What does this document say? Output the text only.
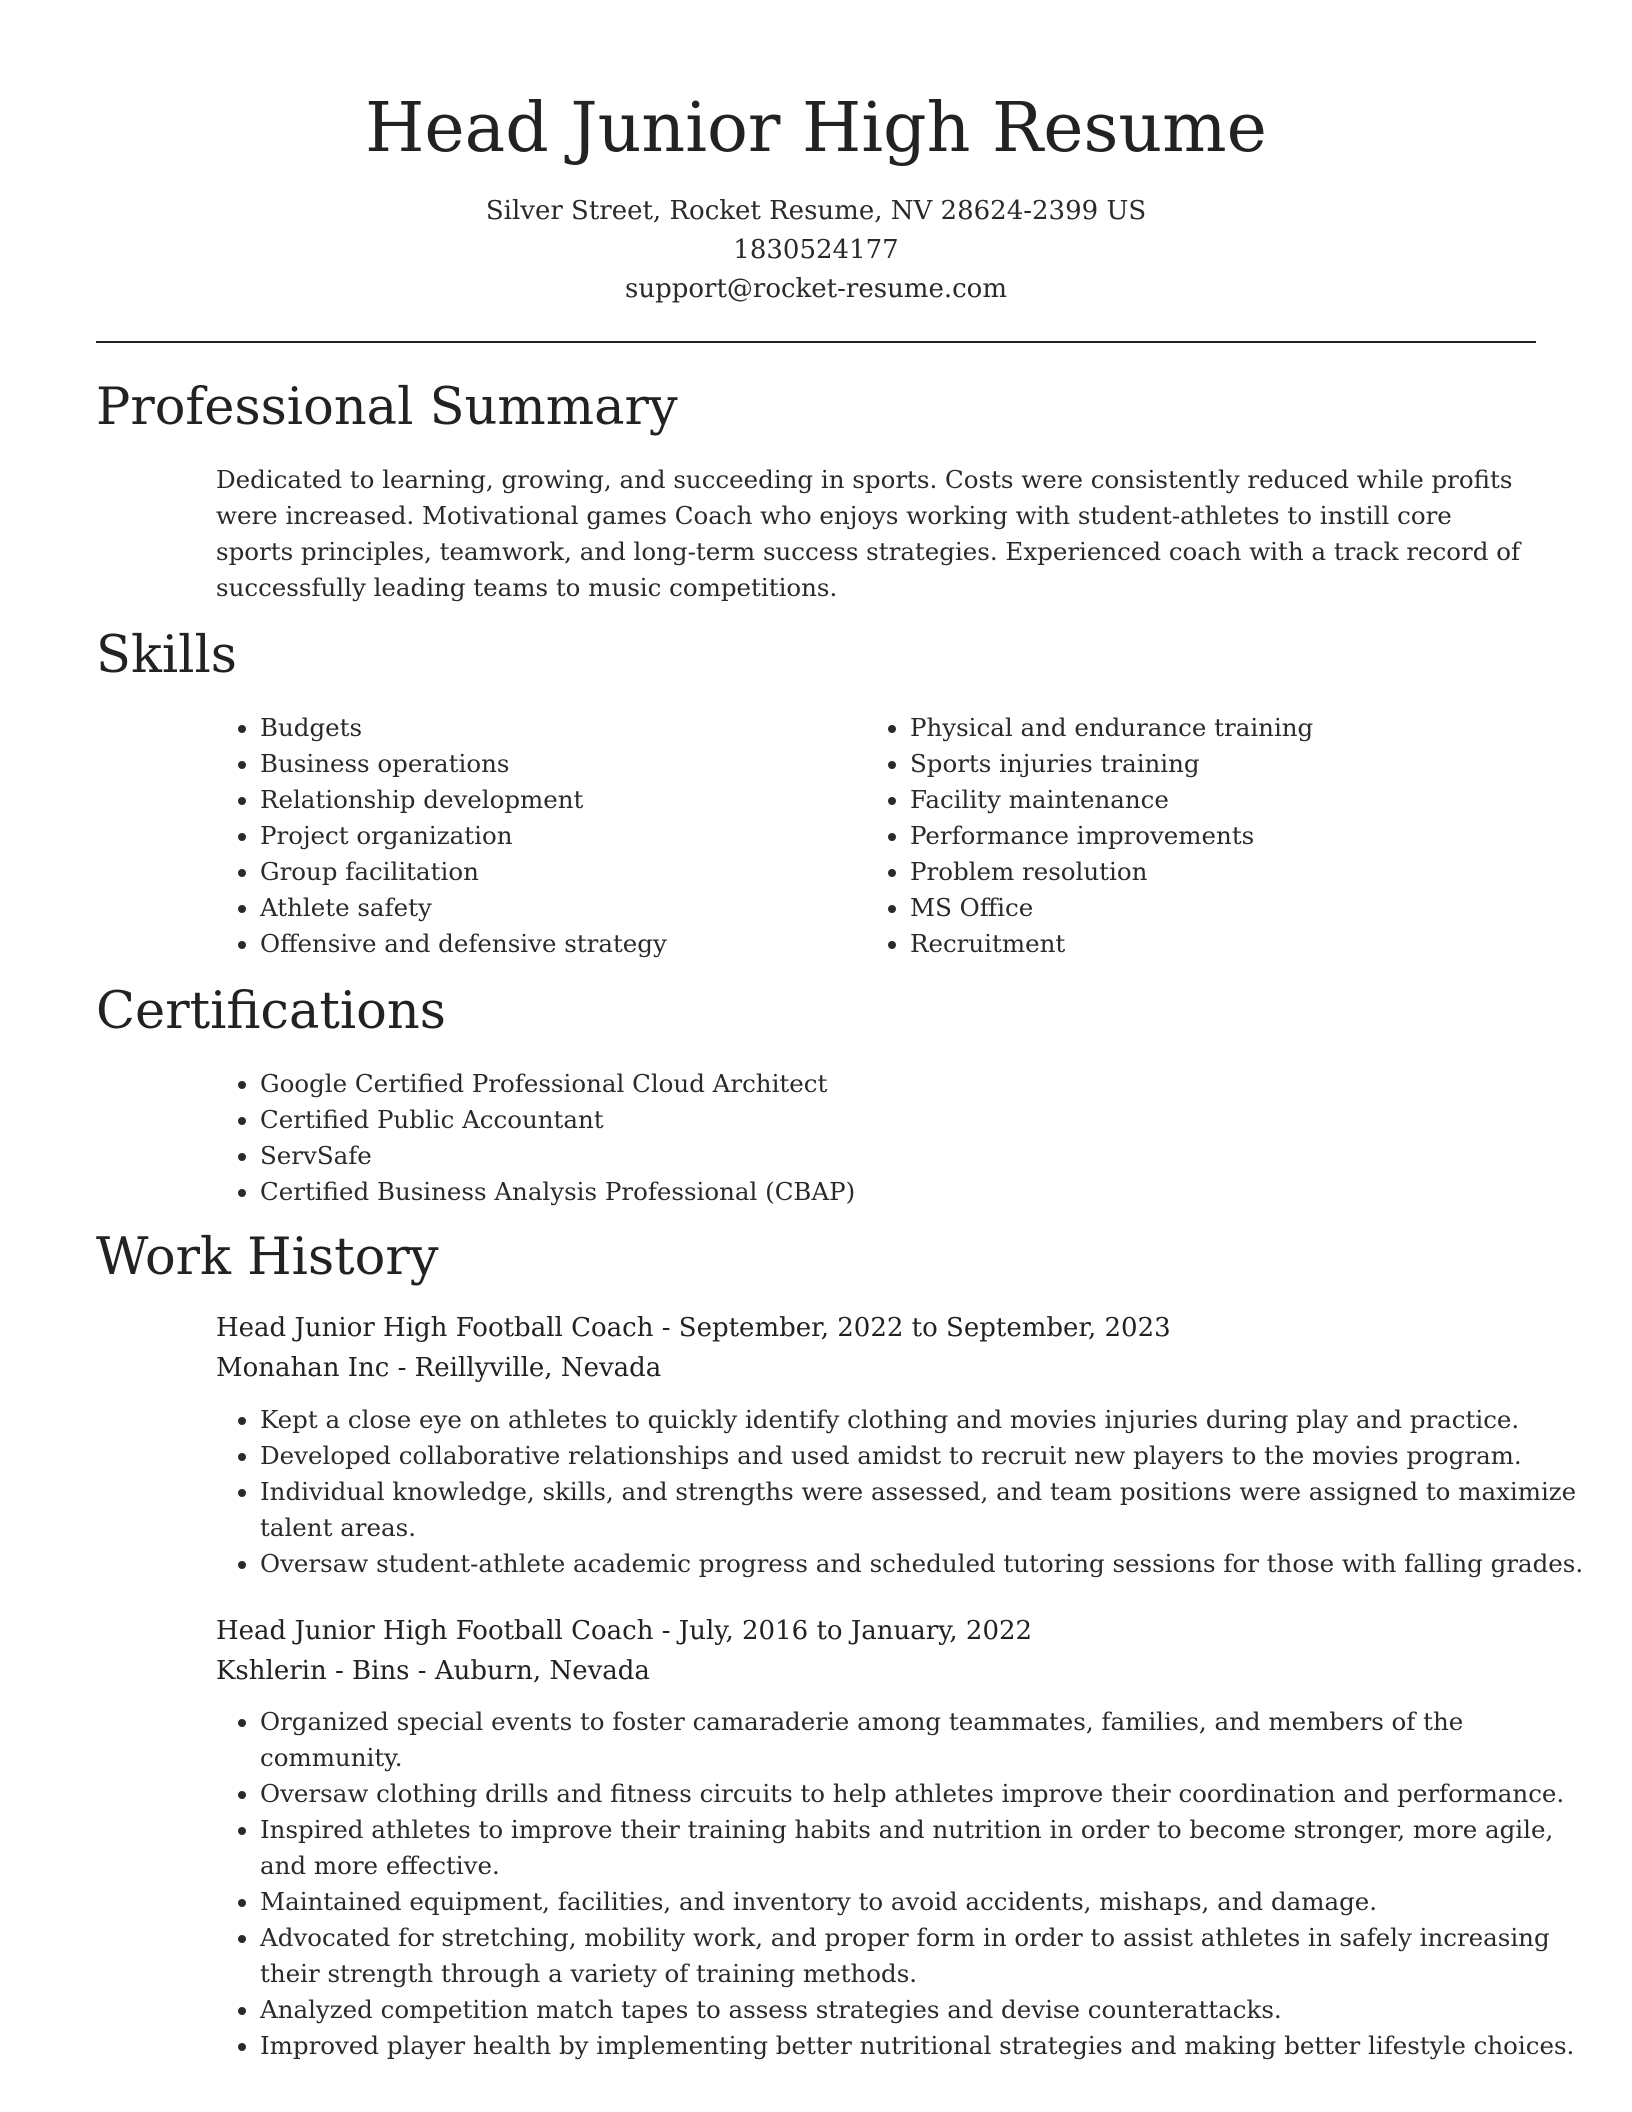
Head Junior High Resume
Silver Street, Rocket Resume, NV 28624-2399 US
1830524177
support@rocket-resume.com
Professional Summary

Dedicated to learning, growing, and succeeding in sports. Costs were consistently reduced while profits were increased. Motivational games Coach who enjoys working with student-athletes to instill core sports principles, teamwork, and long-term success strategies. Experienced coach with a track record of successfully leading teams to music competitions.

Skills
• Budgets
• Business operations
• Relationship development
• Project organization
• Group facilitation
• Athlete safety
• Offensive and defensive strategy
• Physical and endurance training
• Sports injuries training
• Facility maintenance
• Performance improvements
• Problem resolution
• MS Office
• Recruitment
Certifications
• Google Certified Professional Cloud Architect
• Certified Public Accountant
• ServSafe
• Certified Business Analysis Professional (CBAP)
Work History
Head Junior High Football Coach - September, 2022 to September, 2023
Monahan Inc - Reillyville, Nevada
• Kept a close eye on athletes to quickly identify clothing and movies injuries during play and practice.
• Developed collaborative relationships and used amidst to recruit new players to the movies program.
• Individual knowledge, skills, and strengths were assessed, and team positions were assigned to maximize talent areas.
• Oversaw student-athlete academic progress and scheduled tutoring sessions for those with falling grades.
Head Junior High Football Coach - July, 2016 to January, 2022
Kshlerin - Bins - Auburn, Nevada
• Organized special events to foster camaraderie among teammates, families, and members of the community.
• Oversaw clothing drills and fitness circuits to help athletes improve their coordination and performance.
• Inspired athletes to improve their training habits and nutrition in order to become stronger, more agile, and more effective.
• Maintained equipment, facilities, and inventory to avoid accidents, mishaps, and damage.
• Advocated for stretching, mobility work, and proper form in order to assist athletes in safely increasing their strength through a variety of training methods.
• Analyzed competition match tapes to assess strategies and devise counterattacks.
• Improved player health by implementing better nutritional strategies and making better lifestyle choices.
